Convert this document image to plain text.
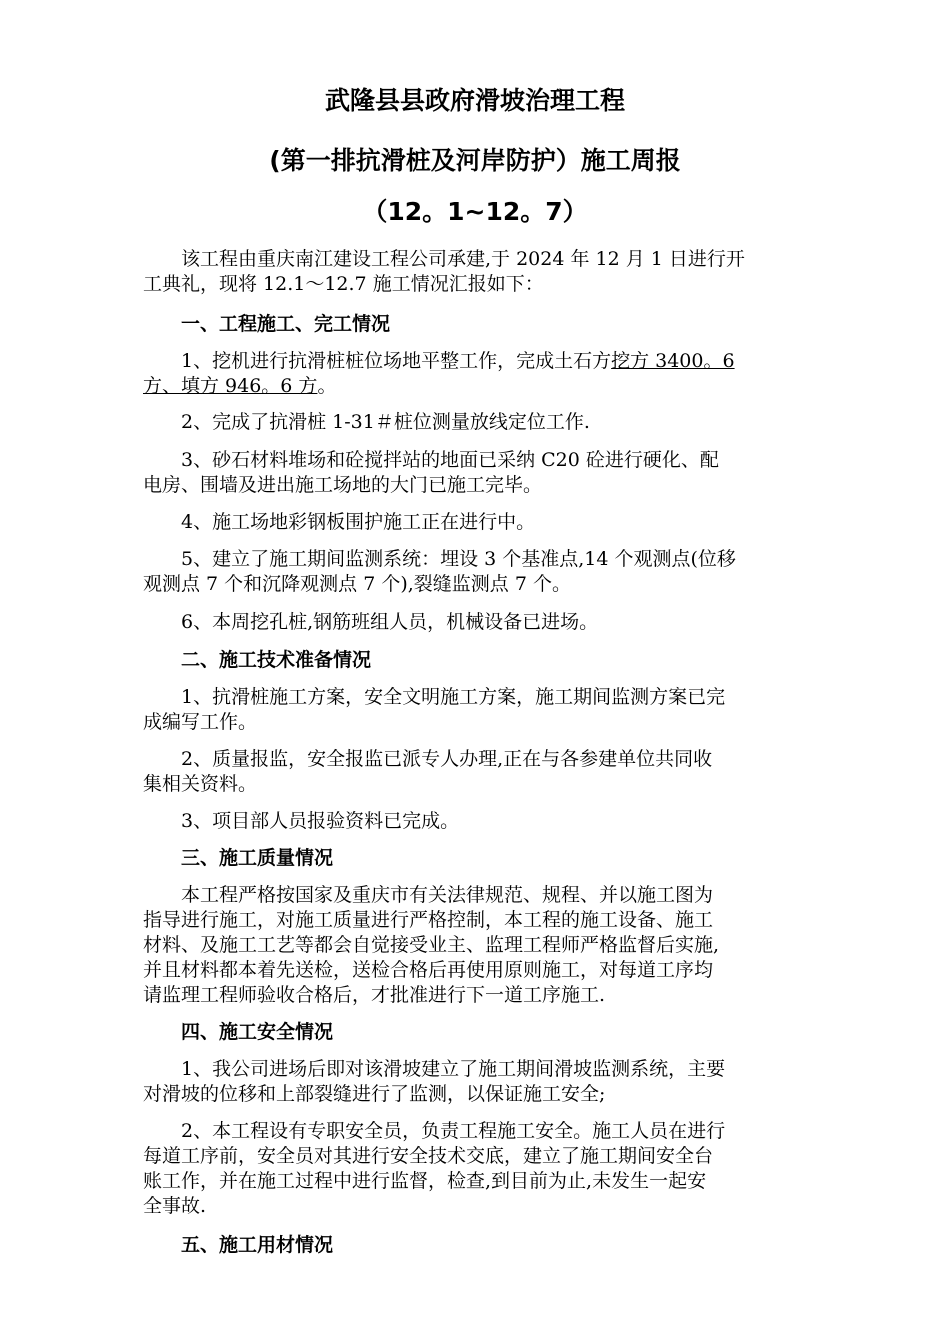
武隆县县政府滑坡治理工程
(第一排抗滑桩及河岸防护）施工周报
（12。1~12。7）
该工程由重庆南江建设工程公司承建,于 2024 年 12 月 1 日进行开
工典礼，现将 12.1～12.7 施工情况汇报如下：
一、工程施工、完工情况
1、挖机进行抗滑桩桩位场地平整工作，完成土石方挖方 3400。6
方、填方 946。6 方。
2、完成了抗滑桩 1-31＃桩位测量放线定位工作.
3、砂石材料堆场和砼搅拌站的地面已采纳 C20 砼进行硬化、配
电房、围墙及进出施工场地的大门已施工完毕。
4、施工场地彩钢板围护施工正在进行中。
5、建立了施工期间监测系统：埋设 3 个基准点,14 个观测点(位移
观测点 7 个和沉降观测点 7 个),裂缝监测点 7 个。
6、本周挖孔桩,钢筋班组人员，机械设备已进场。
二、施工技术准备情况
1、抗滑桩施工方案，安全文明施工方案，施工期间监测方案已完
成编写工作。
2、质量报监，安全报监已派专人办理,正在与各参建单位共同收
集相关资料。
3、项目部人员报验资料已完成。
三、施工质量情况
本工程严格按国家及重庆市有关法律规范、规程、并以施工图为
指导进行施工，对施工质量进行严格控制，本工程的施工设备、施工
材料、及施工工艺等都会自觉接受业主、监理工程师严格监督后实施,
并且材料都本着先送检，送检合格后再使用原则施工，对每道工序均
请监理工程师验收合格后，才批准进行下一道工序施工.
四、施工安全情况
1、我公司进场后即对该滑坡建立了施工期间滑坡监测系统，主要
对滑坡的位移和上部裂缝进行了监测，以保证施工安全;
2、本工程设有专职安全员，负责工程施工安全。施工人员在进行
每道工序前，安全员对其进行安全技术交底，建立了施工期间安全台
账工作，并在施工过程中进行监督，检查,到目前为止,未发生一起安
全事故.
五、施工用材情况
